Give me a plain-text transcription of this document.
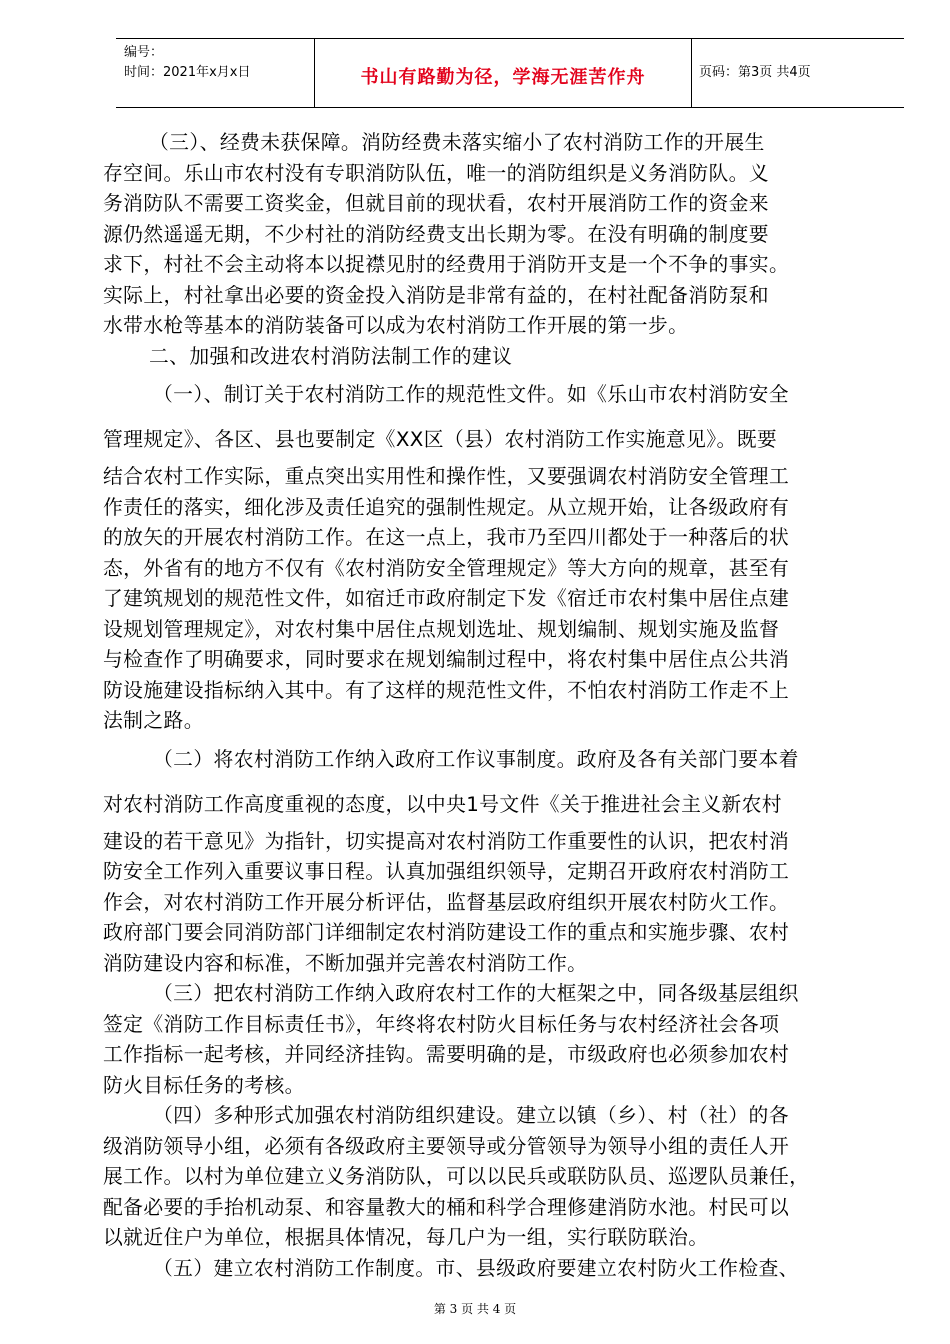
编号：
时间：2021年x月x日	书山有路勤为径，学海无涯苦作舟	页码：第3页 共4页
（三）、经费未获保障。消防经费未落实缩小了农村消防工作的开展生
存空间。乐山市农村没有专职消防队伍，唯一的消防组织是义务消防队。义
务消防队不需要工资奖金，但就目前的现状看，农村开展消防工作的资金来
源仍然遥遥无期，不少村社的消防经费支出长期为零。在没有明确的制度要
求下，村社不会主动将本以捉襟见肘的经费用于消防开支是一个不争的事实。
实际上，村社拿出必要的资金投入消防是非常有益的，在村社配备消防泵和
水带水枪等基本的消防装备可以成为农村消防工作开展的第一步。
二、加强和改进农村消防法制工作的建议
（一）、制订关于农村消防工作的规范性文件。如《乐山市农村消防安全
管理规定》、各区、县也要制定《XX区（县）农村消防工作实施意见》。既要
结合农村工作实际，重点突出实用性和操作性，又要强调农村消防安全管理工
作责任的落实，细化涉及责任追究的强制性规定。从立规开始，让各级政府有
的放矢的开展农村消防工作。在这一点上，我市乃至四川都处于一种落后的状
态，外省有的地方不仅有《农村消防安全管理规定》等大方向的规章，甚至有
了建筑规划的规范性文件，如宿迁市政府制定下发《宿迁市农村集中居住点建
设规划管理规定》，对农村集中居住点规划选址、规划编制、规划实施及监督
与检查作了明确要求，同时要求在规划编制过程中，将农村集中居住点公共消
防设施建设指标纳入其中。有了这样的规范性文件，不怕农村消防工作走不上
法制之路。
（二）将农村消防工作纳入政府工作议事制度。政府及各有关部门要本着
对农村消防工作高度重视的态度，以中央1号文件《关于推进社会主义新农村
建设的若干意见》为指针，切实提高对农村消防工作重要性的认识，把农村消
防安全工作列入重要议事日程。认真加强组织领导，定期召开政府农村消防工
作会，对农村消防工作开展分析评估，监督基层政府组织开展农村防火工作。
政府部门要会同消防部门详细制定农村消防建设工作的重点和实施步骤、农村
消防建设内容和标准，不断加强并完善农村消防工作。
（三）把农村消防工作纳入政府农村工作的大框架之中，同各级基层组织
签定《消防工作目标责任书》，年终将农村防火目标任务与农村经济社会各项
工作指标一起考核，并同经济挂钩。需要明确的是，市级政府也必须参加农村
防火目标任务的考核。
（四）多种形式加强农村消防组织建设。建立以镇（乡）、村（社）的各
级消防领导小组，必须有各级政府主要领导或分管领导为领导小组的责任人开
展工作。以村为单位建立义务消防队，可以以民兵或联防队员、巡逻队员兼任，
配备必要的手抬机动泵、和容量教大的桶和科学合理修建消防水池。村民可以
以就近住户为单位，根据具体情况，每几户为一组，实行联防联治。
（五）建立农村消防工作制度。市、县级政府要建立农村防火工作检查、
第 3 页 共 4 页
